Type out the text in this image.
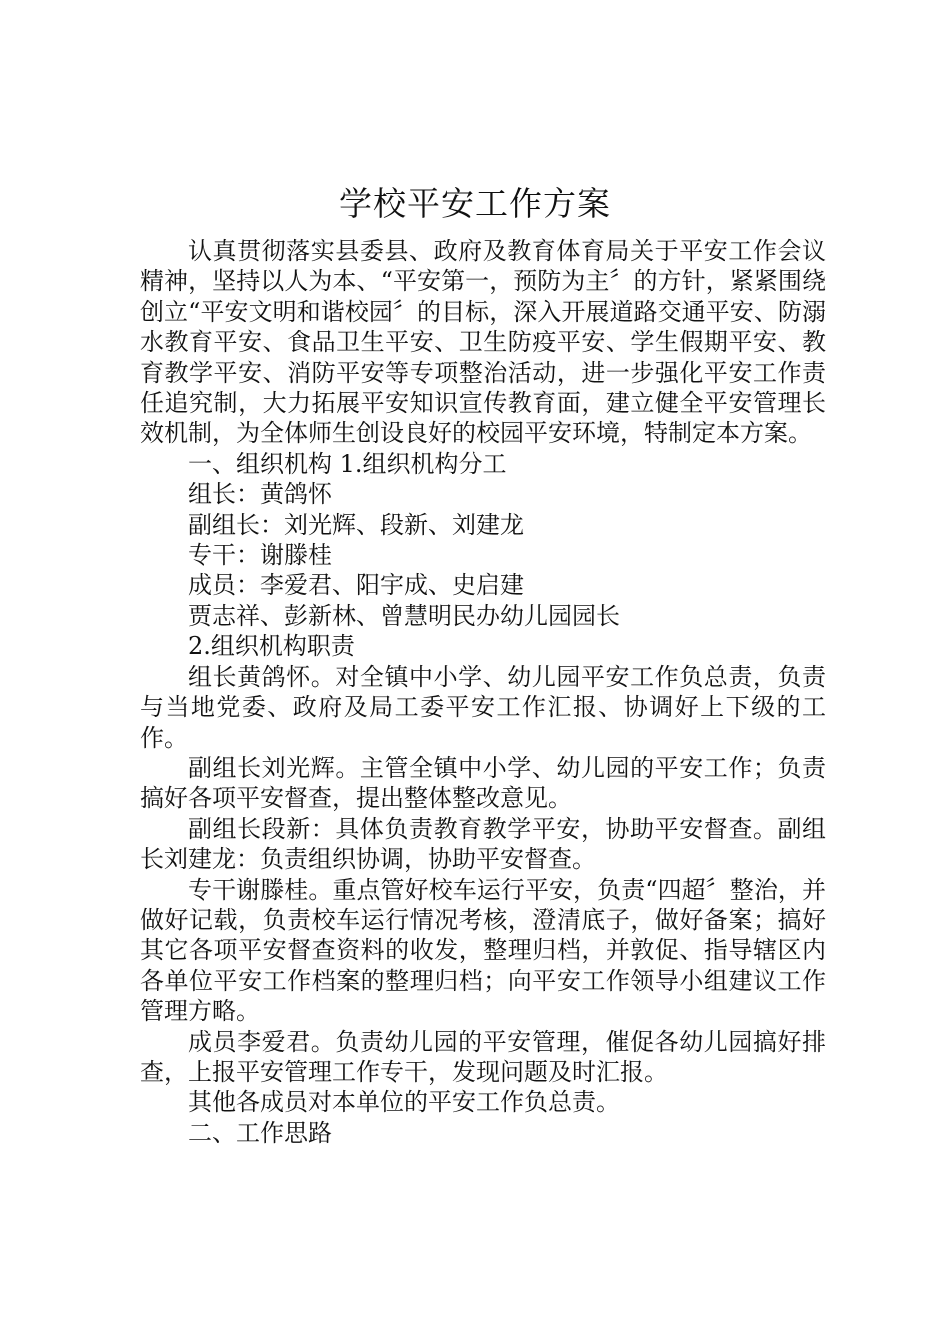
学校平安工作方案

认真贯彻落实县委县、政府及教育体育局关于平安工作会议精神，坚持以人为本、“平安第一，预防为主〞的方针，紧紧围绕创立“平安文明和谐校园〞的目标，深入开展道路交通平安、防溺水教育平安、食品卫生平安、卫生防疫平安、学生假期平安、教育教学平安、消防平安等专项整治活动，进一步强化平安工作责任追究制，大力拓展平安知识宣传教育面，建立健全平安管理长效机制，为全体师生创设良好的校园平安环境，特制定本方案。

一、组织机构 1.组织机构分工

组长：黄鸽怀

副组长：刘光辉、段新、刘建龙

专干：谢滕桂

成员：李爱君、阳宇成、史启建

贾志祥、彭新林、曾慧明民办幼儿园园长

2.组织机构职责

组长黄鸽怀。对全镇中小学、幼儿园平安工作负总责，负责与当地党委、政府及局工委平安工作汇报、协调好上下级的工作。

副组长刘光辉。主管全镇中小学、幼儿园的平安工作；负责搞好各项平安督查，提出整体整改意见。

副组长段新：具体负责教育教学平安，协助平安督查。副组长刘建龙：负责组织协调，协助平安督查。

专干谢滕桂。重点管好校车运行平安，负责“四超〞整治，并做好记载，负责校车运行情况考核，澄清底子，做好备案；搞好其它各项平安督查资料的收发，整理归档，并敦促、指导辖区内各单位平安工作档案的整理归档；向平安工作领导小组建议工作管理方略。

成员李爱君。负责幼儿园的平安管理，催促各幼儿园搞好排查，上报平安管理工作专干，发现问题及时汇报。

其他各成员对本单位的平安工作负总责。

二、工作思路
